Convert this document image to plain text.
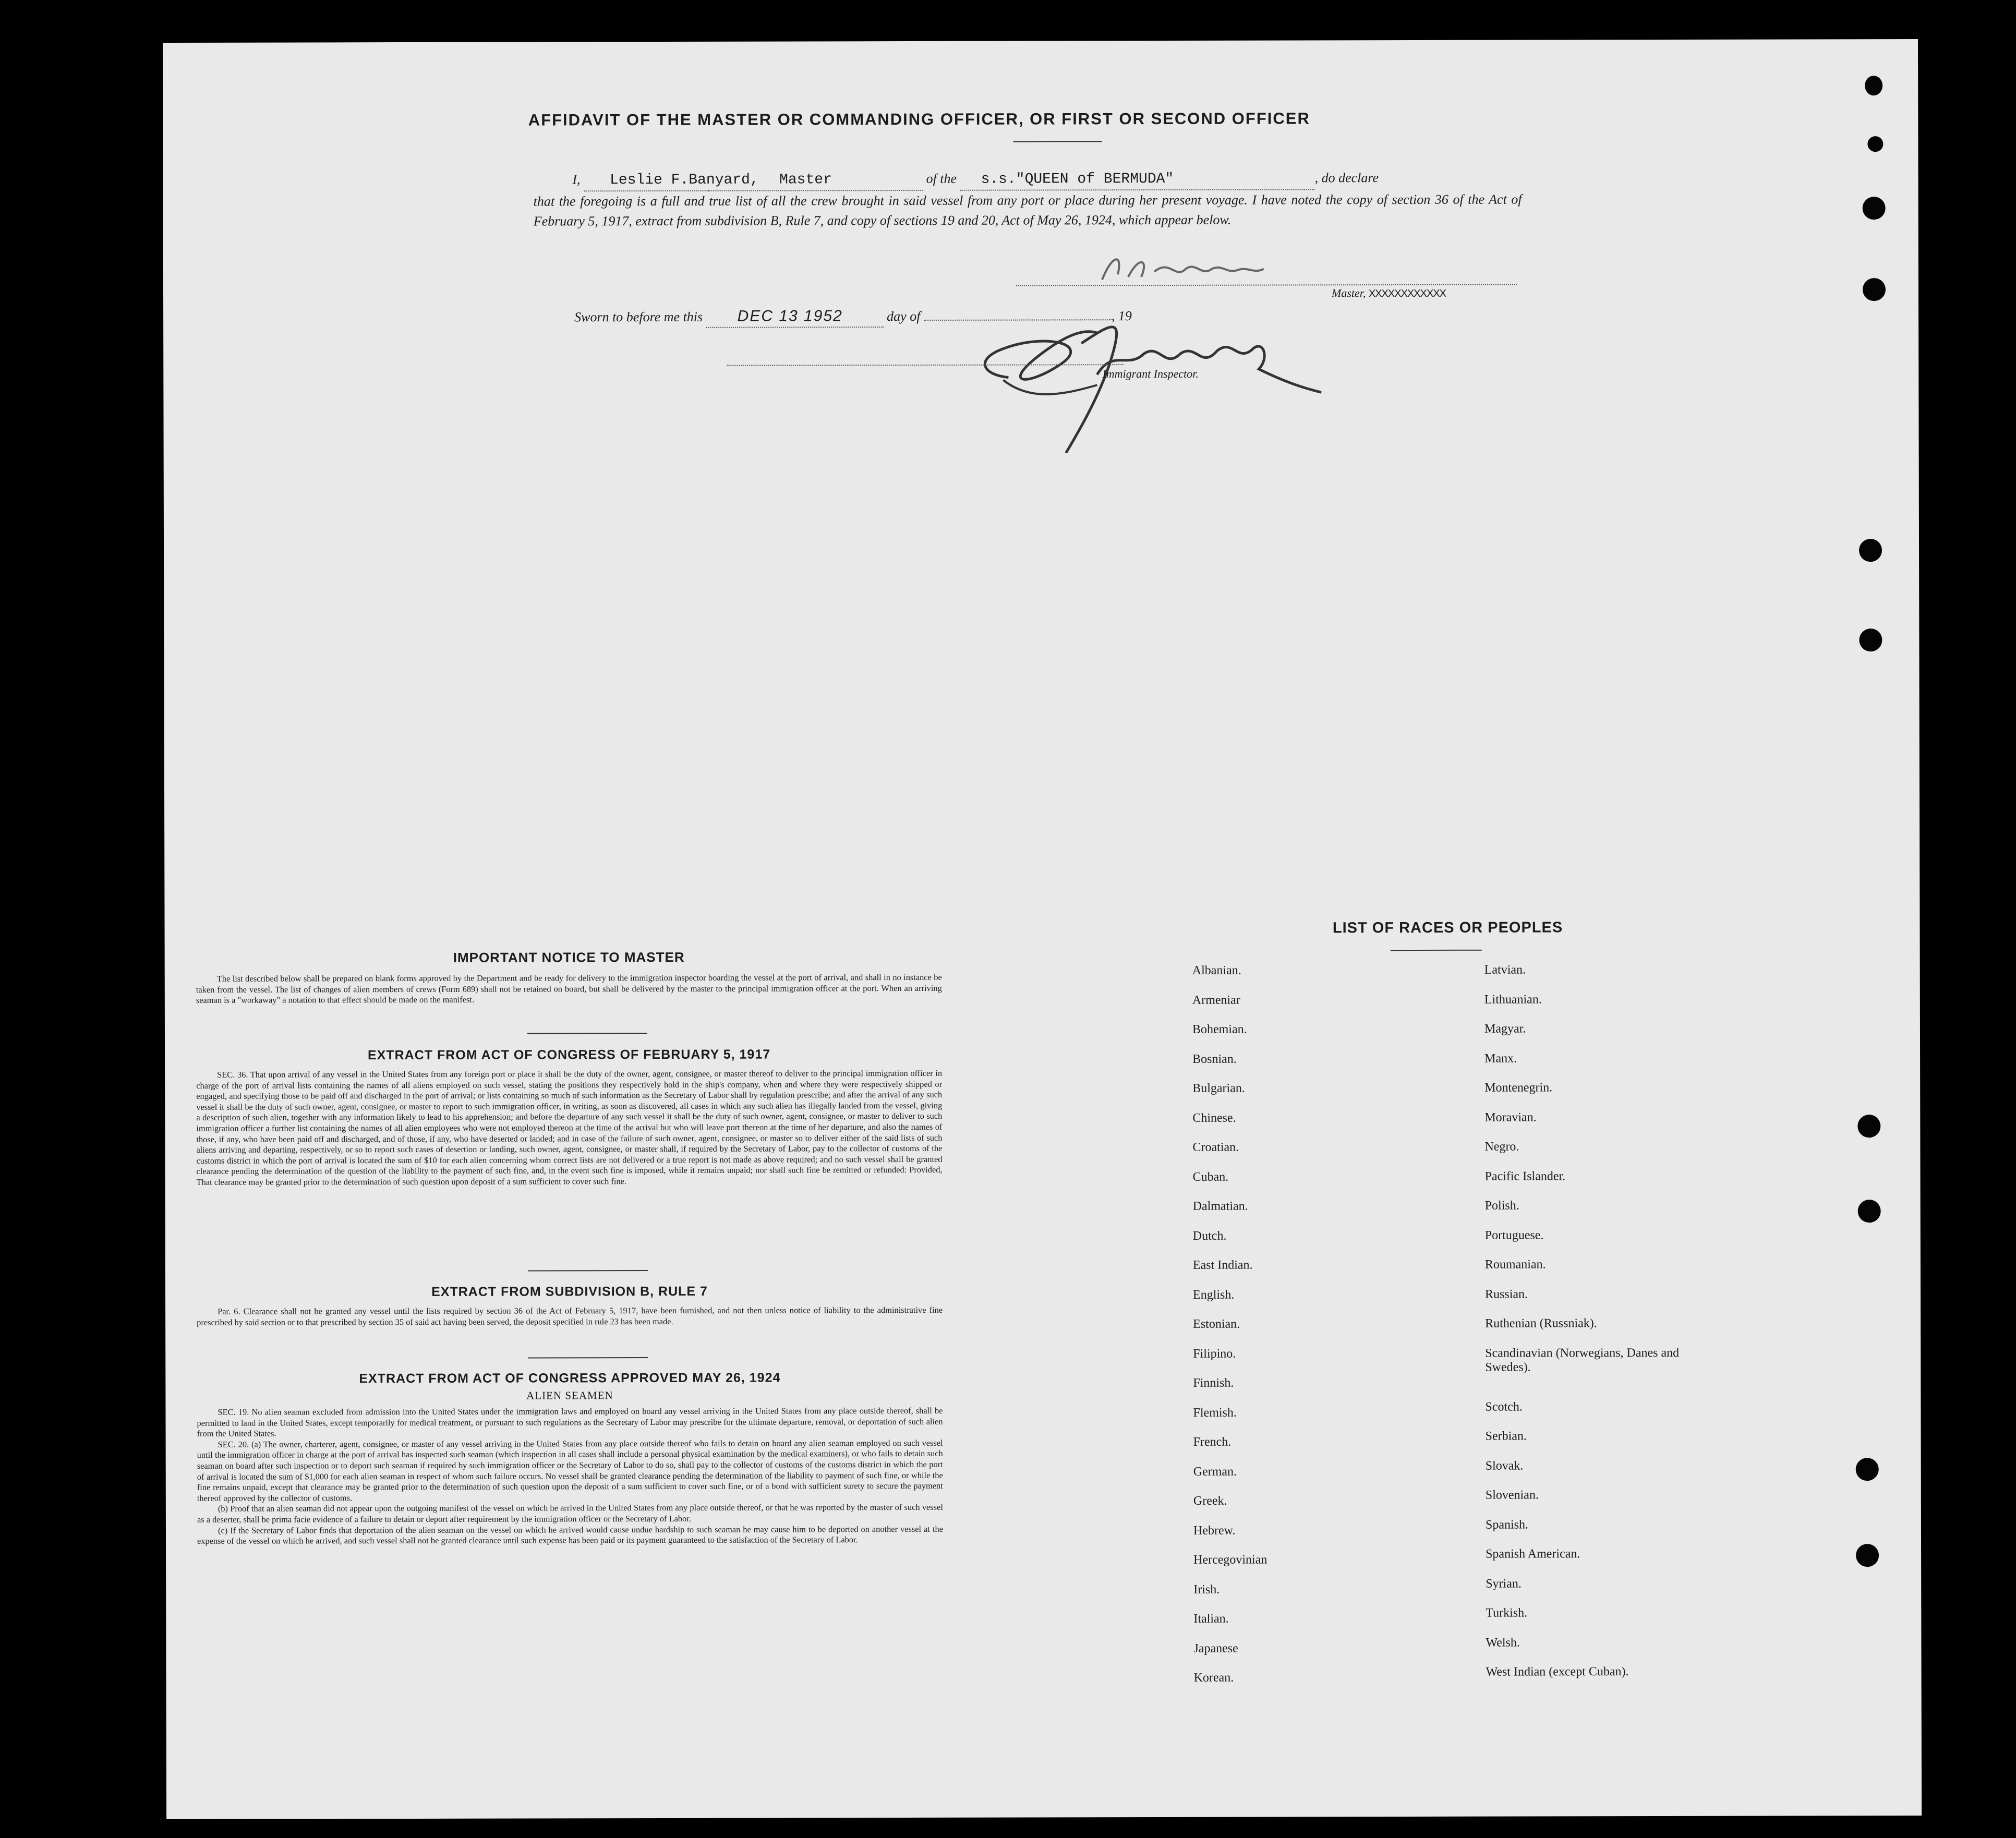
AFFIDAVIT OF THE MASTER OR COMMANDING OFFICER, OR FIRST OR SECOND OFFICER
I, Leslie F.Banyard, Master	of the s.s."QUEEN of BERMUDA"	, do declare
that the foregoing is a full and true list of all the crew brought in said vessel from any port or place during her present voyage. I have noted the copy of section 36 of the Act of February 5, 1917, extract from subdivision B, Rule 7, and copy of sections 19 and 20, Act of May 26, 1924, which appear below.
Master, XXXXXXXXXXXX
Sworn to before me this DEC 13 1952	day of	, 19
Immigrant Inspector.
IMPORTANT NOTICE TO MASTER

The list described below shall be prepared on blank forms approved by the Department and be ready for delivery to the immigration inspector boarding the vessel at the port of arrival, and shall in no instance be taken from the vessel. The list of changes of alien members of crews (Form 689) shall not be retained on board, but shall be delivered by the master to the principal immigration officer at the port. When an arriving seaman is a "workaway" a notation to that effect should be made on the manifest.

EXTRACT FROM ACT OF CONGRESS OF FEBRUARY 5, 1917

SEC. 36. That upon arrival of any vessel in the United States from any foreign port or place it shall be the duty of the owner, agent, consignee, or master thereof to deliver to the principal immigration officer in charge of the port of arrival lists containing the names of all aliens employed on such vessel, stating the positions they respectively hold in the ship's company, when and where they were respectively shipped or engaged, and specifying those to be paid off and discharged in the port of arrival; or lists containing so much of such information as the Secretary of Labor shall by regulation prescribe; and after the arrival of any such vessel it shall be the duty of such owner, agent, consignee, or master to report to such immigration officer, in writing, as soon as discovered, all cases in which any such alien has illegally landed from the vessel, giving a description of such alien, together with any information likely to lead to his apprehension; and before the departure of any such vessel it shall be the duty of such owner, agent, consignee, or master to deliver to such immigration officer a further list containing the names of all alien employees who were not employed thereon at the time of the arrival but who will leave port thereon at the time of her departure, and also the names of those, if any, who have been paid off and discharged, and of those, if any, who have deserted or landed; and in case of the failure of such owner, agent, consignee, or master so to deliver either of the said lists of such aliens arriving and departing, respectively, or so to report such cases of desertion or landing, such owner, agent, consignee, or master shall, if required by the Secretary of Labor, pay to the collector of customs of the customs district in which the port of arrival is located the sum of $10 for each alien concerning whom correct lists are not delivered or a true report is not made as above required; and no such vessel shall be granted clearance pending the determination of the question of the liability to the payment of such fine, and, in the event such fine is imposed, while it remains unpaid; nor shall such fine be remitted or refunded: Provided, That clearance may be granted prior to the determination of such question upon deposit of a sum sufficient to cover such fine.

EXTRACT FROM SUBDIVISION B, RULE 7

Par. 6. Clearance shall not be granted any vessel until the lists required by section 36 of the Act of February 5, 1917, have been furnished, and not then unless notice of liability to the administrative fine prescribed by said section or to that prescribed by section 35 of said act having been served, the deposit specified in rule 23 has been made.

EXTRACT FROM ACT OF CONGRESS APPROVED MAY 26, 1924
ALIEN SEAMEN

SEC. 19. No alien seaman excluded from admission into the United States under the immigration laws and employed on board any vessel arriving in the United States from any place outside thereof, shall be permitted to land in the United States, except temporarily for medical treatment, or pursuant to such regulations as the Secretary of Labor may prescribe for the ultimate departure, removal, or deportation of such alien from the United States.

SEC. 20. (a) The owner, charterer, agent, consignee, or master of any vessel arriving in the United States from any place outside thereof who fails to detain on board any alien seaman employed on such vessel until the immigration officer in charge at the port of arrival has inspected such seaman (which inspection in all cases shall include a personal physical examination by the medical examiners), or who fails to detain such seaman on board after such inspection or to deport such seaman if required by such immigration officer or the Secretary of Labor to do so, shall pay to the collector of customs of the customs district in which the port of arrival is located the sum of $1,000 for each alien seaman in respect of whom such failure occurs. No vessel shall be granted clearance pending the determination of the liability to payment of such fine, or while the fine remains unpaid, except that clearance may be granted prior to the determination of such question upon the deposit of a sum sufficient to cover such fine, or of a bond with sufficient surety to secure the payment thereof approved by the collector of customs.

(b) Proof that an alien seaman did not appear upon the outgoing manifest of the vessel on which he arrived in the United States from any place outside thereof, or that he was reported by the master of such vessel as a deserter, shall be prima facie evidence of a failure to detain or deport after requirement by the immigration officer or the Secretary of Labor.

(c) If the Secretary of Labor finds that deportation of the alien seaman on the vessel on which he arrived would cause undue hardship to such seaman he may cause him to be deported on another vessel at the expense of the vessel on which he arrived, and such vessel shall not be granted clearance until such expense has been paid or its payment guaranteed to the satisfaction of the Secretary of Labor.

LIST OF RACES OR PEOPLES
Albanian.
Armeniar
Bohemian.
Bosnian.
Bulgarian.
Chinese.
Croatian.
Cuban.
Dalmatian.
Dutch.
East Indian.
English.
Estonian.
Filipino.
Finnish.
Flemish.
French.
German.
Greek.
Hebrew.
Hercegovinian
Irish.
Italian.
Japanese
Korean.
Latvian.
Lithuanian.
Magyar.
Manx.
Montenegrin.
Moravian.
Negro.
Pacific Islander.
Polish.
Portuguese.
Roumanian.
Russian.
Ruthenian (Russniak).
Scandinavian (Norwegians, Danes and Swedes).
Scotch.
Serbian.
Slovak.
Slovenian.
Spanish.
Spanish American.
Syrian.
Turkish.
Welsh.
West Indian (except Cuban).
